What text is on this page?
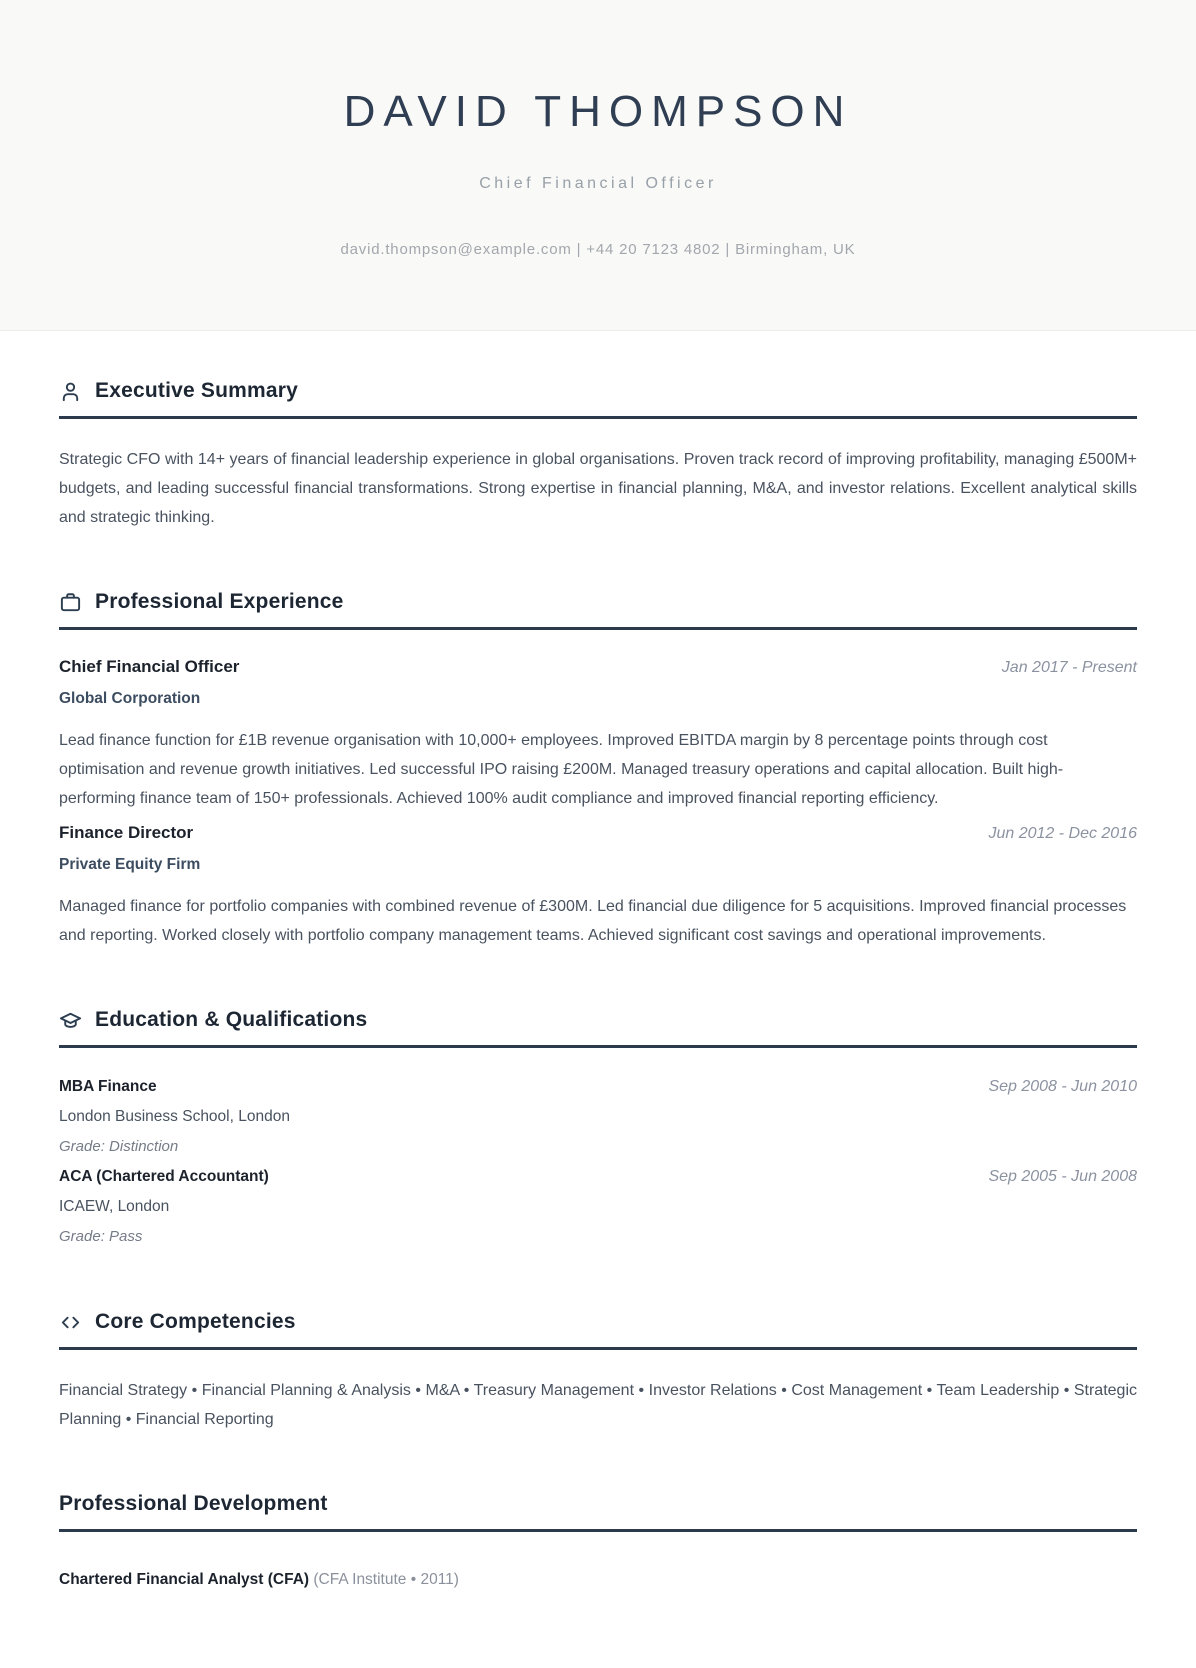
DAVID THOMPSON
Chief Financial Officer
david.thompson@example.com | +44 20 7123 4802 | Birmingham, UK
Executive Summary

Strategic CFO with 14+ years of financial leadership experience in global organisations. Proven track record of improving profitability, managing £500M+ budgets, and leading successful financial transformations. Strong expertise in financial planning, M&A, and investor relations. Excellent analytical skills and strategic thinking.

Professional Experience
Chief Financial Officer	Jan 2017 - Present
Global Corporation

Lead finance function for £1B revenue organisation with 10,000+ employees. Improved EBITDA margin by 8 percentage points through cost optimisation and revenue growth initiatives. Led successful IPO raising £200M. Managed treasury operations and capital allocation. Built high-performing finance team of 150+ professionals. Achieved 100% audit compliance and improved financial reporting efficiency.

Finance Director	Jun 2012 - Dec 2016
Private Equity Firm

Managed finance for portfolio companies with combined revenue of £300M. Led financial due diligence for 5 acquisitions. Improved financial processes and reporting. Worked closely with portfolio company management teams. Achieved significant cost savings and operational improvements.

Education & Qualifications
MBA Finance	Sep 2008 - Jun 2010
London Business School, London
Grade: Distinction
ACA (Chartered Accountant)	Sep 2005 - Jun 2008
ICAEW, London
Grade: Pass
Core Competencies

Financial Strategy • Financial Planning & Analysis • M&A • Treasury Management • Investor Relations • Cost Management • Team Leadership • Strategic Planning • Financial Reporting

Professional Development

Chartered Financial Analyst (CFA) (CFA Institute • 2011)
